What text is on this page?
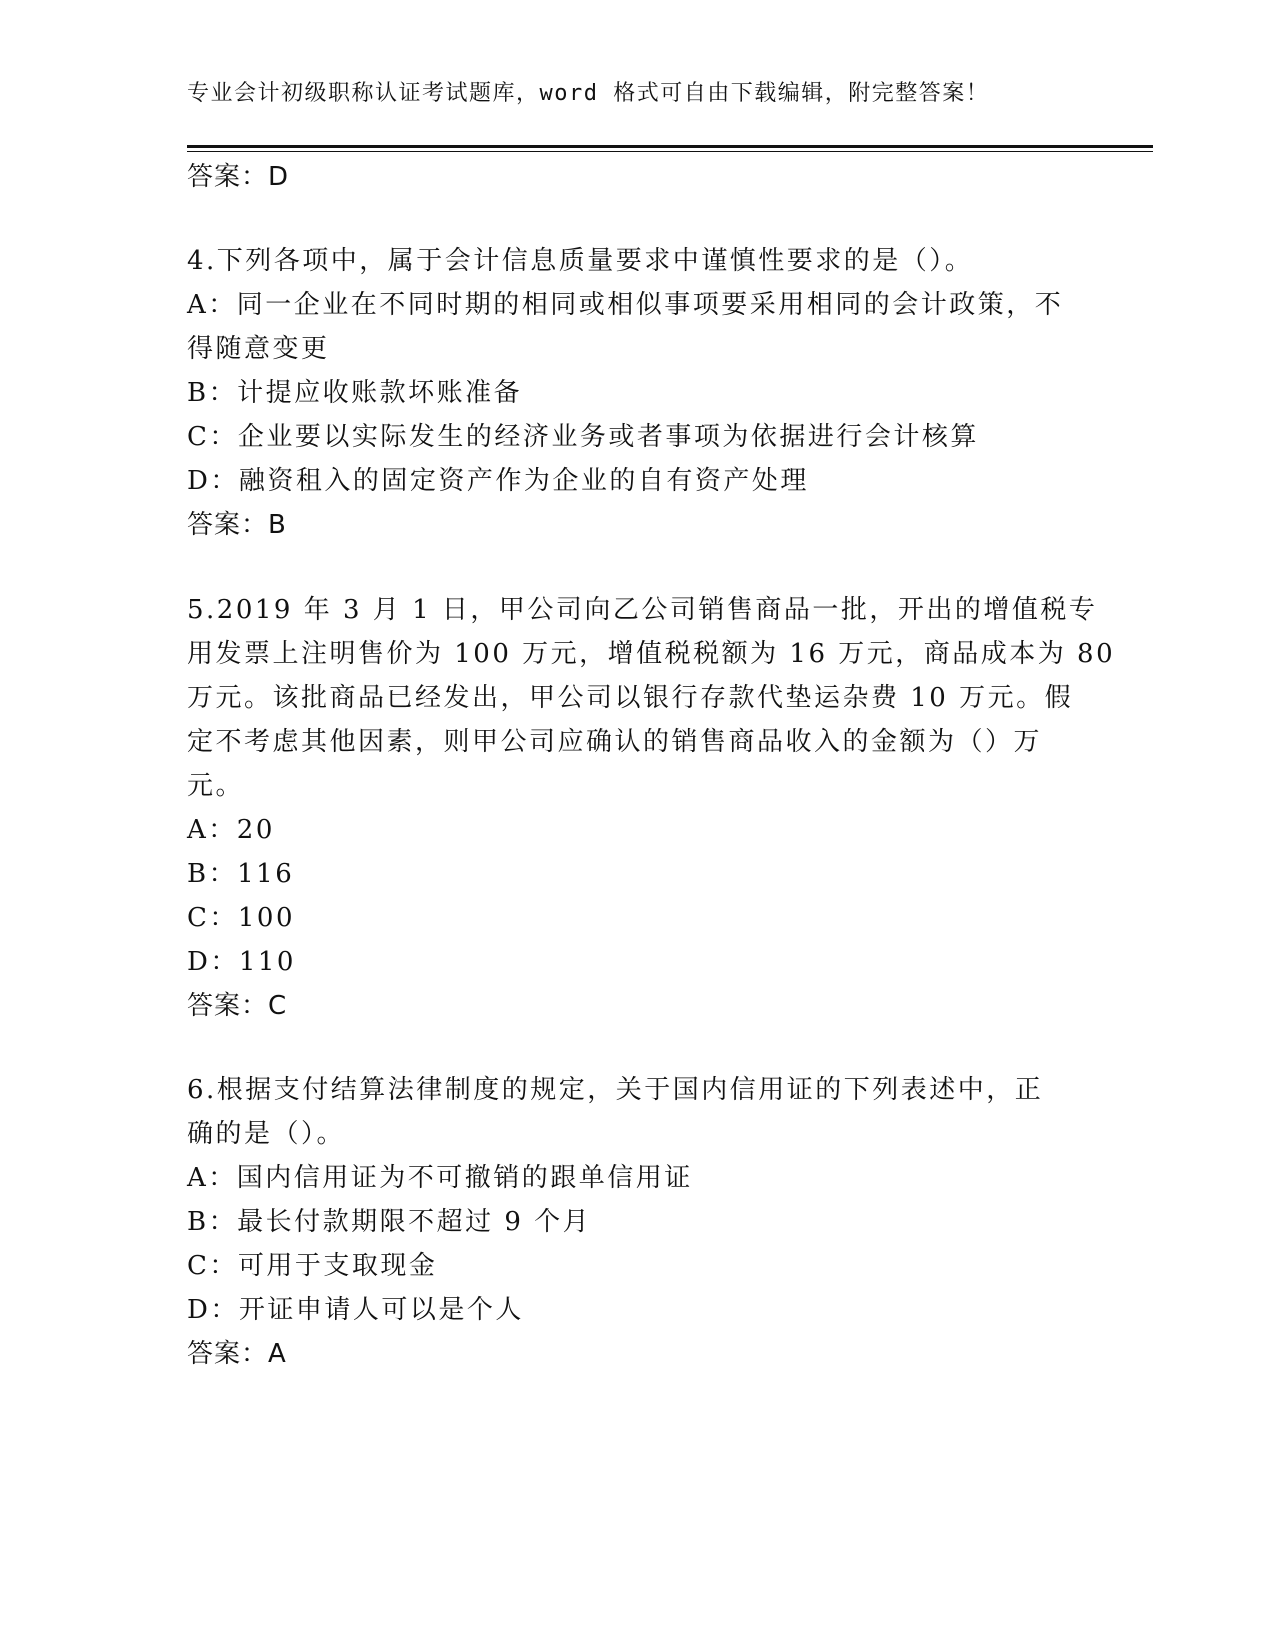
专业会计初级职称认证考试题库，word 格式可自由下载编辑，附完整答案！
答案：D
4.下列各项中，属于会计信息质量要求中谨慎性要求的是（）。
A：同一企业在不同时期的相同或相似事项要采用相同的会计政策，不
得随意变更
B：计提应收账款坏账准备
C：企业要以实际发生的经济业务或者事项为依据进行会计核算
D：融资租入的固定资产作为企业的自有资产处理
答案：B
5.2019 年 3 月 1 日，甲公司向乙公司销售商品一批，开出的增值税专
用发票上注明售价为 100 万元，增值税税额为 16 万元，商品成本为 80
万元。该批商品已经发出，甲公司以银行存款代垫运杂费 10 万元。假
定不考虑其他因素，则甲公司应确认的销售商品收入的金额为（）万
元。
A：20
B：116
C：100
D：110
答案：C
6.根据支付结算法律制度的规定，关于国内信用证的下列表述中，正
确的是（）。
A：国内信用证为不可撤销的跟单信用证
B：最长付款期限不超过 9 个月
C：可用于支取现金
D：开证申请人可以是个人
答案：A
